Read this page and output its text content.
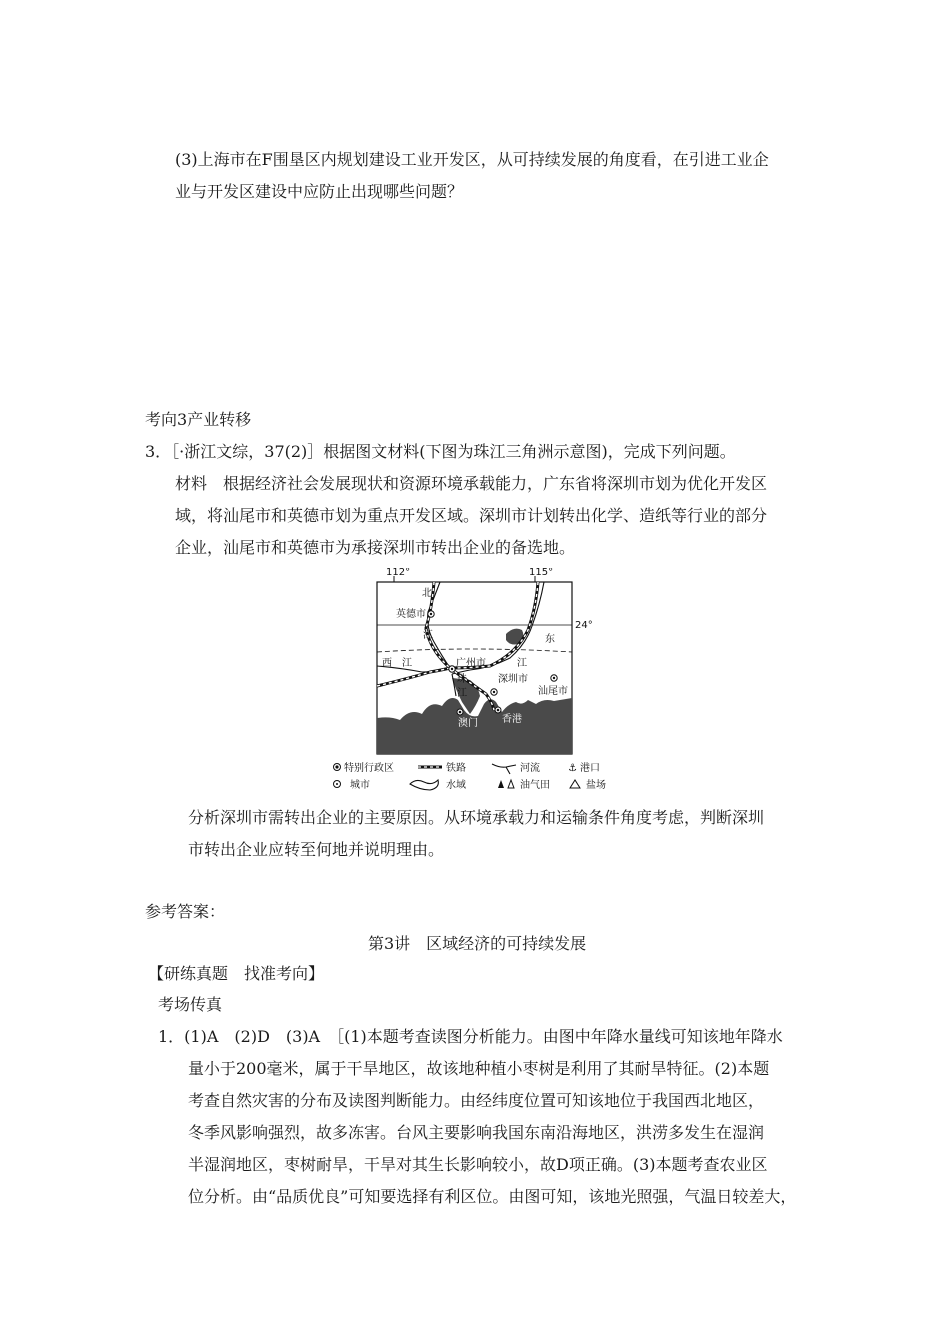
(3)上海市在F围垦区内规划建设工业开发区，从可持续发展的角度看，在引进工业企
业与开发区建设中应防止出现哪些问题？
考向3产业转移
3．［·浙江文综，37(2)］根据图文材料(下图为珠江三角洲示意图)，完成下列问题。
材料　根据经济社会发展现状和资源环境承载能力，广东省将深圳市划为优化开发区
域，将汕尾市和英德市划为重点开发区域。深圳市计划转出化学、造纸等行业的部分
企业，汕尾市和英德市为承接深圳市转出企业的备选地。
112°	115°
24°
北
英德市
江	东
西 江	广州市	江
珠
江
深圳市
汕尾市
澳门 香港
特别行政区	铁路	河流	⚓ 港口
城市	水域	油气田	盐场
分析深圳市需转出企业的主要原因。从环境承载力和运输条件角度考虑，判断深圳
市转出企业应转至何地并说明理由。
参考答案：
第3讲　区域经济的可持续发展
【研练真题　找准考向】
考场传真
1．(1)A　(2)D　(3)A　［(1)本题考查读图分析能力。由图中年降水量线可知该地年降水
量小于200毫米，属于干旱地区，故该地种植小枣树是利用了其耐旱特征。(2)本题
考查自然灾害的分布及读图判断能力。由经纬度位置可知该地位于我国西北地区，
冬季风影响强烈，故多冻害。台风主要影响我国东南沿海地区，洪涝多发生在湿润
半湿润地区，枣树耐旱，干旱对其生长影响较小，故D项正确。(3)本题考查农业区
位分析。由“品质优良”可知要选择有利区位。由图可知，该地光照强，气温日较差大，
